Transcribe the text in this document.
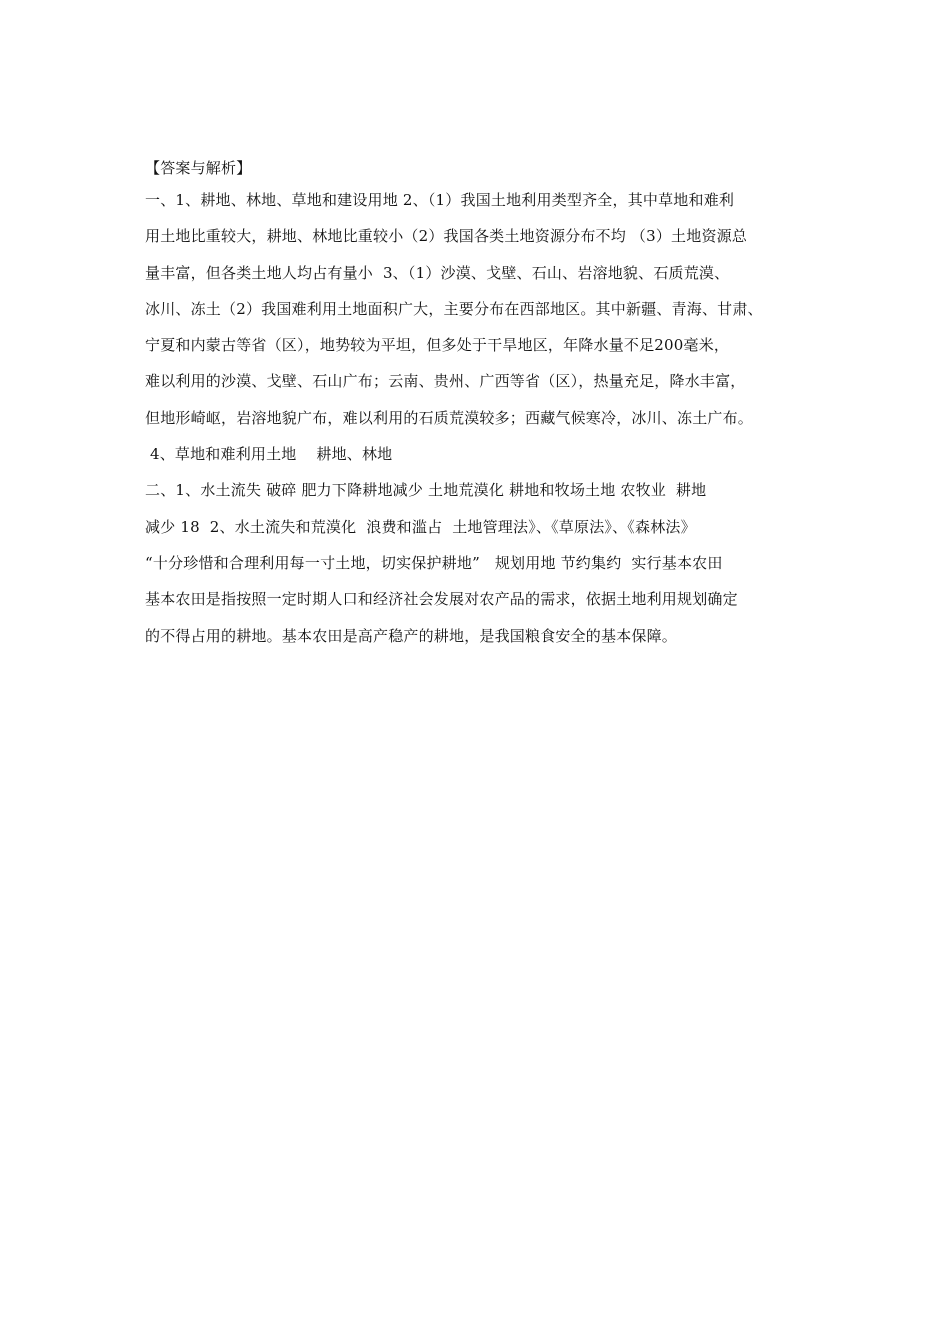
【答案与解析】
一、1、耕地、林地、草地和建设用地 2、（1）我国土地利用类型齐全，其中草地和难利
用土地比重较大，耕地、林地比重较小（2）我国各类土地资源分布不均 （3）土地资源总
量丰富，但各类土地人均占有量小  3、（1）沙漠、戈壁、石山、岩溶地貌、石质荒漠、
冰川、冻土（2）我国难利用土地面积广大，主要分布在西部地区。其中新疆、青海、甘肃、
宁夏和内蒙古等省（区），地势较为平坦，但多处于干旱地区，年降水量不足200毫米，
难以利用的沙漠、戈壁、石山广布；云南、贵州、广西等省（区），热量充足，降水丰富，
但地形崎岖，岩溶地貌广布，难以利用的石质荒漠较多；西藏气候寒冷，冰川、冻土广布。
4、草地和难利用土地    耕地、林地
二、1、水土流失 破碎 肥力下降耕地减少 土地荒漠化 耕地和牧场土地 农牧业  耕地
减少 18  2、水土流失和荒漠化  浪费和滥占  土地管理法》、《草原法》、《森林法》
“十分珍惜和合理利用每一寸土地，切实保护耕地”   规划用地 节约集约  实行基本农田
基本农田是指按照一定时期人口和经济社会发展对农产品的需求，依据土地利用规划确定
的不得占用的耕地。基本农田是高产稳产的耕地，是我国粮食安全的基本保障。
